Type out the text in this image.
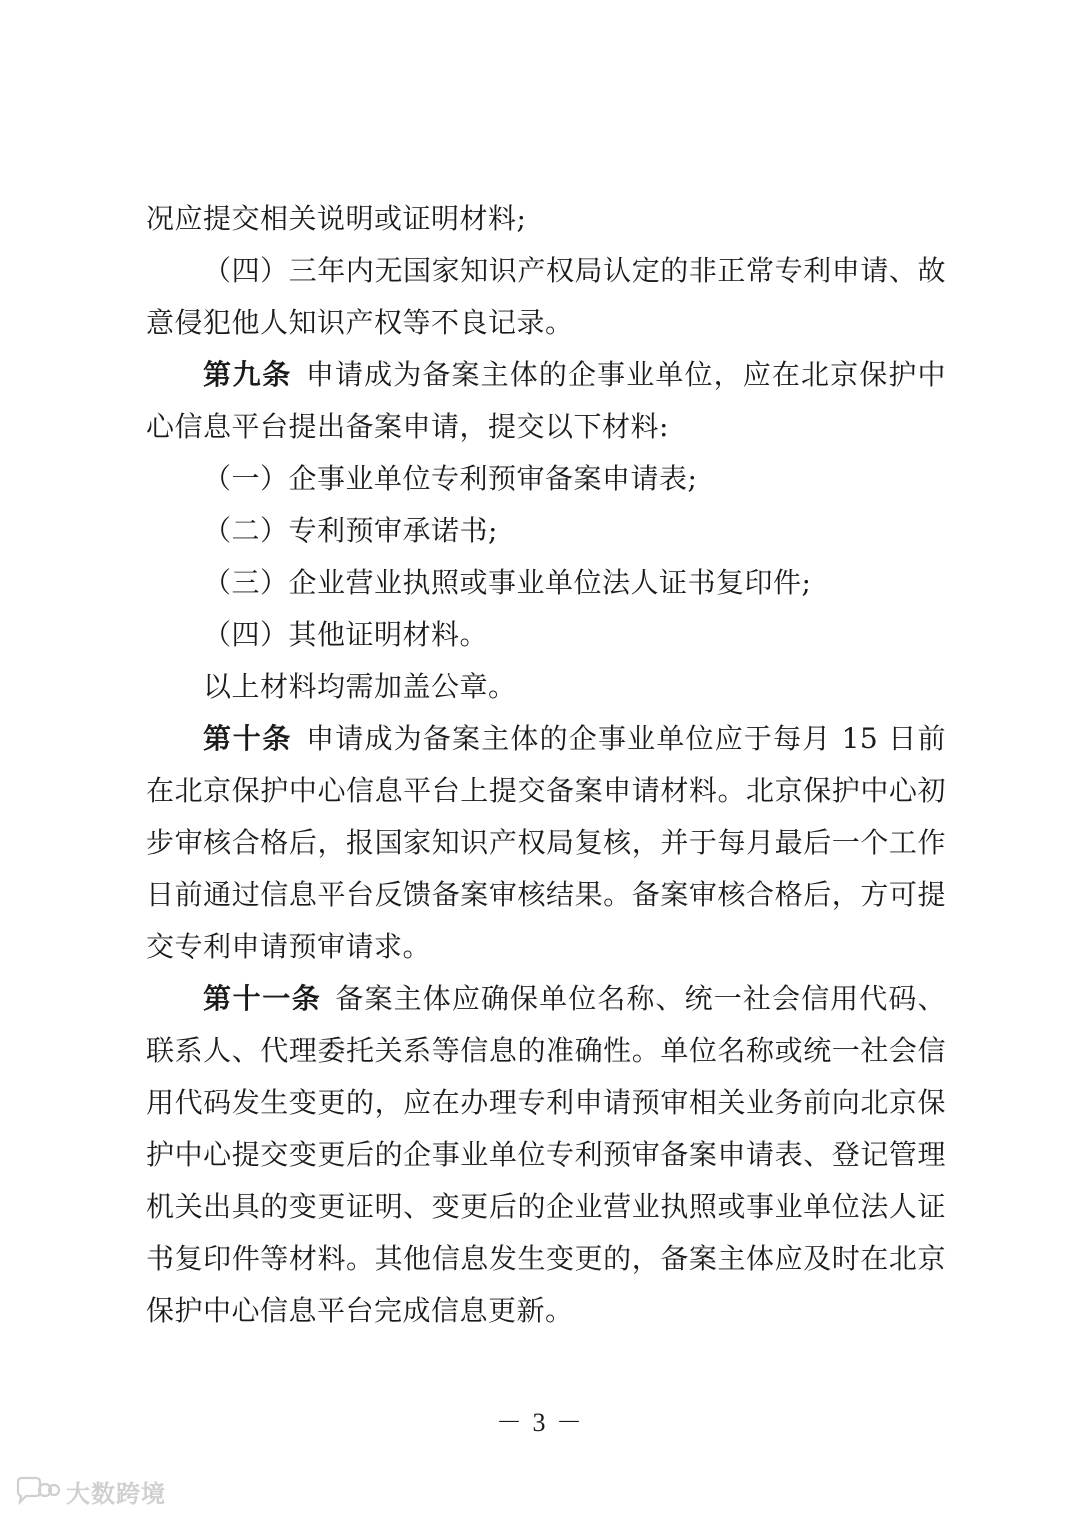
况应提交相关说明或证明材料;
（四）三年内无国家知识产权局认定的非正常专利申请、故
意侵犯他人知识产权等不良记录。
第九条 申请成为备案主体的企事业单位，应在北京保护中
心信息平台提出备案申请，提交以下材料:
（一）企事业单位专利预审备案申请表;
（二）专利预审承诺书;
（三）企业营业执照或事业单位法人证书复印件;
（四）其他证明材料。
以上材料均需加盖公章。
第十条 申请成为备案主体的企事业单位应于每月 15 日前
在北京保护中心信息平台上提交备案申请材料。北京保护中心初
步审核合格后，报国家知识产权局复核，并于每月最后一个工作
日前通过信息平台反馈备案审核结果。备案审核合格后，方可提
交专利申请预审请求。
第十一条 备案主体应确保单位名称、统一社会信用代码、
联系人、代理委托关系等信息的准确性。单位名称或统一社会信
用代码发生变更的，应在办理专利申请预审相关业务前向北京保
护中心提交变更后的企事业单位专利预审备案申请表、登记管理
机关出具的变更证明、变更后的企业营业执照或事业单位法人证
书复印件等材料。其他信息发生变更的，备案主体应及时在北京
保护中心信息平台完成信息更新。
－ 3 －
大数跨境
